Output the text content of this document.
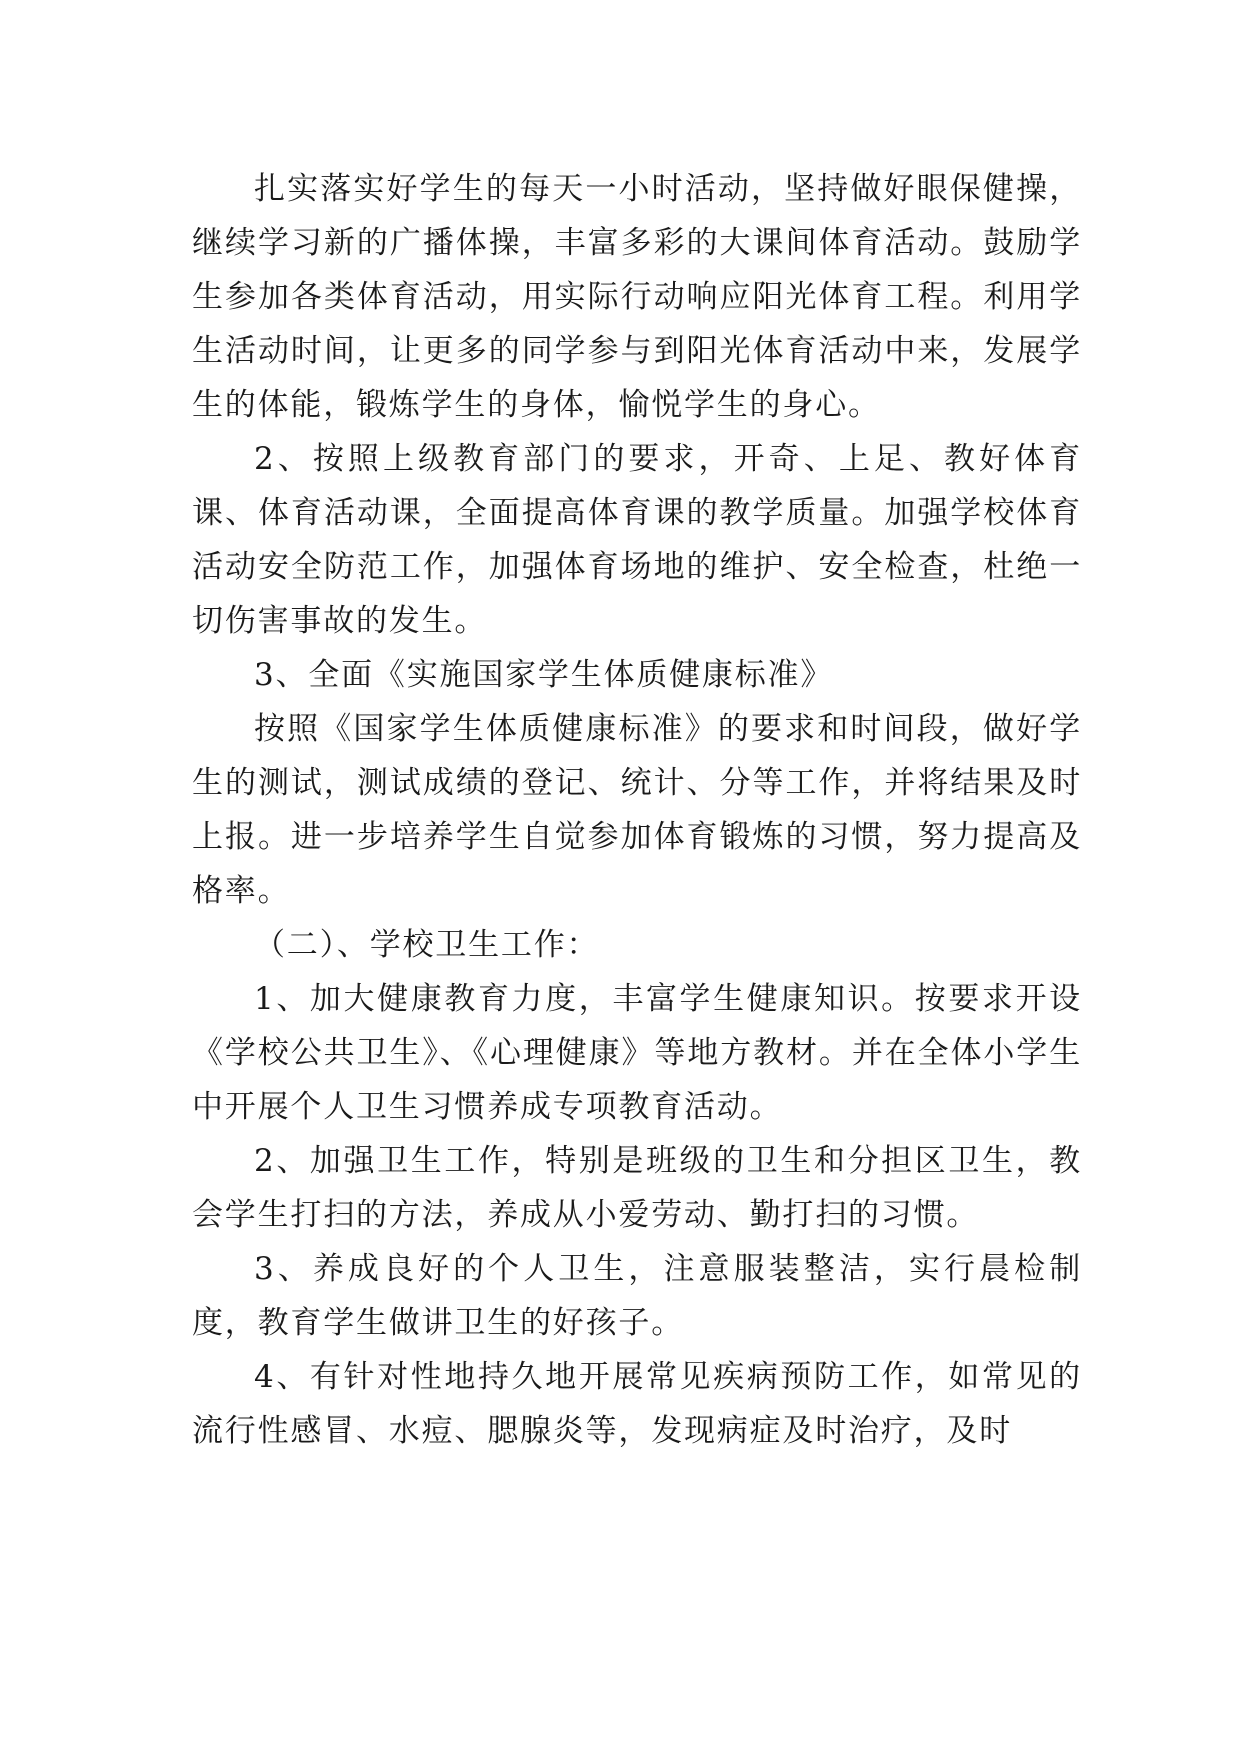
扎实落实好学生的每天一小时活动，坚持做好眼保健操，继续学习新的广播体操，丰富多彩的大课间体育活动。鼓励学生参加各类体育活动，用实际行动响应阳光体育工程。利用学生活动时间，让更多的同学参与到阳光体育活动中来，发展学生的体能，锻炼学生的身体，愉悦学生的身心。

2、按照上级教育部门的要求，开奇、上足、教好体育课、体育活动课，全面提高体育课的教学质量。加强学校体育活动安全防范工作，加强体育场地的维护、安全检查，杜绝一切伤害事故的发生。

3、全面《实施国家学生体质健康标准》

按照《国家学生体质健康标准》的要求和时间段，做好学生的测试，测试成绩的登记、统计、分等工作，并将结果及时上报。进一步培养学生自觉参加体育锻炼的习惯，努力提高及格率。

（二）、学校卫生工作：

1、加大健康教育力度，丰富学生健康知识。按要求开设《学校公共卫生》、《心理健康》等地方教材。并在全体小学生中开展个人卫生习惯养成专项教育活动。

2、加强卫生工作，特别是班级的卫生和分担区卫生，教会学生打扫的方法，养成从小爱劳动、勤打扫的习惯。

3、养成良好的个人卫生，注意服装整洁，实行晨检制度，教育学生做讲卫生的好孩子。

4、有针对性地持久地开展常见疾病预防工作，如常见的流行性感冒、水痘、腮腺炎等，发现病症及时治疗，及时
